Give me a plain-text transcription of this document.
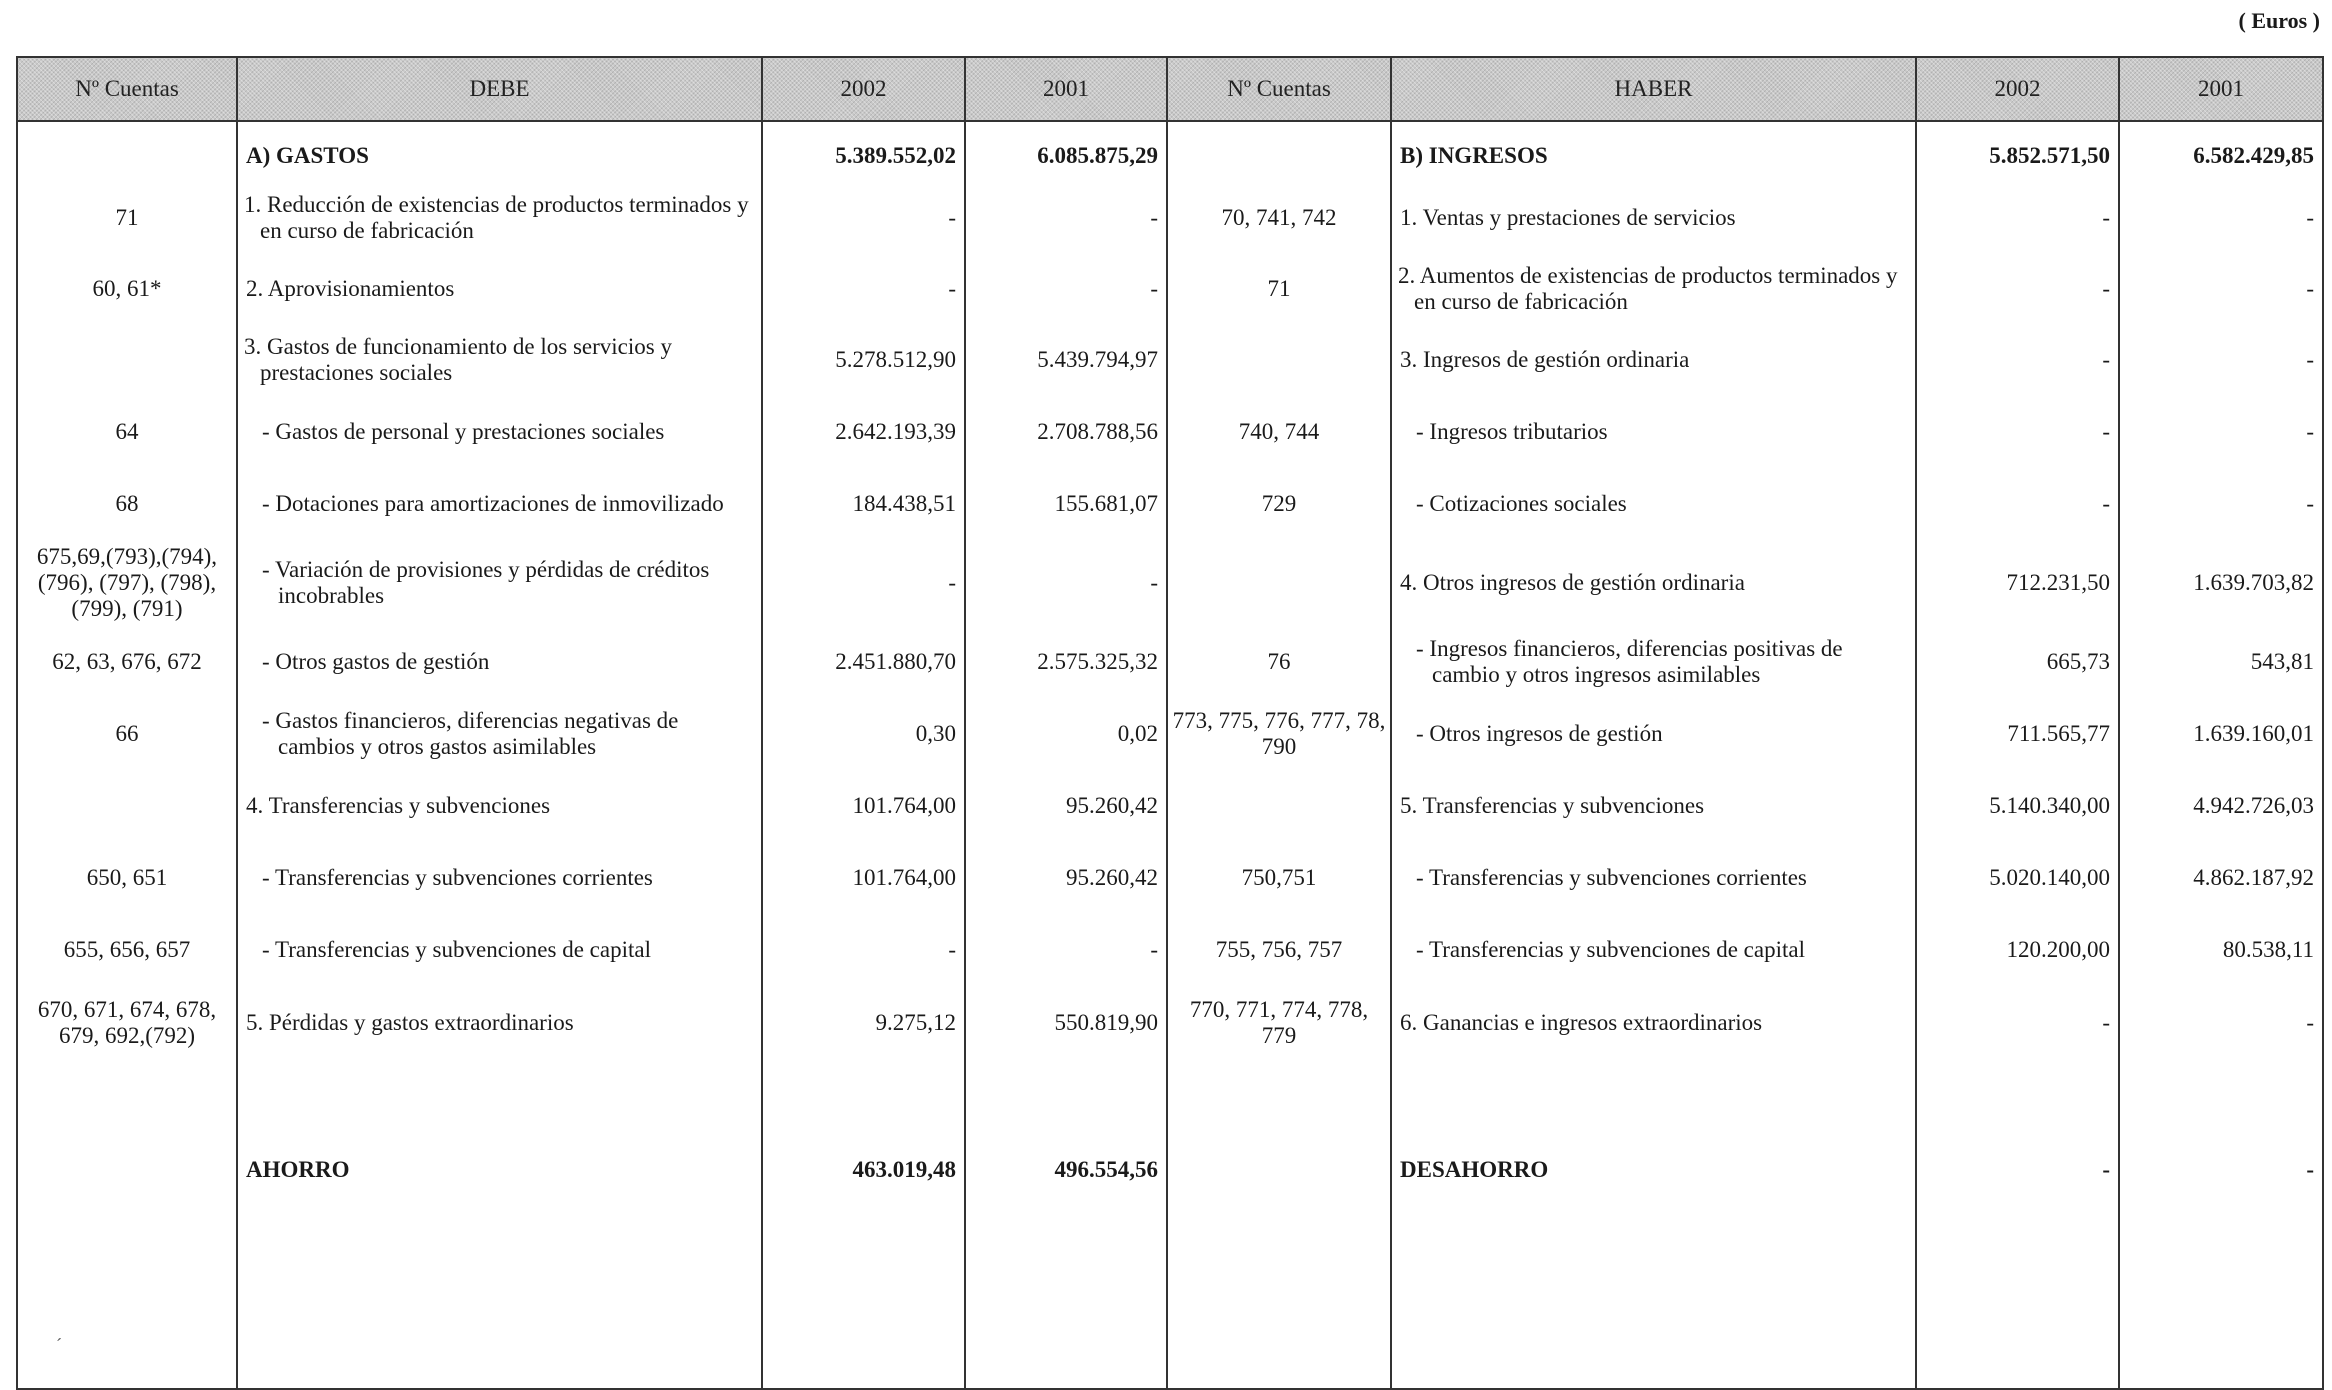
( Euros )
Nº Cuentas	DEBE	2002	2001	Nº Cuentas	HABER	2002	2001

	A) GASTOS	5.389.552,02	6.085.875,29		B) INGRESOS	5.852.571,50	6.582.429,85
71	1. Reducción de existencias de productos terminados y en curso de fabricación	-	-	70, 741, 742	1. Ventas y prestaciones de servicios	-	-
60, 61*	2. Aprovisionamientos	-	-	71	2. Aumentos de existencias de productos terminados y en curso de fabricación	-	-
	3. Gastos de funcionamiento de los servicios y prestaciones sociales	5.278.512,90	5.439.794,97		3. Ingresos de gestión ordinaria	-	-
64	- Gastos de personal y prestaciones sociales	2.642.193,39	2.708.788,56	740, 744	- Ingresos tributarios	-	-
68	- Dotaciones para amortizaciones de inmovilizado	184.438,51	155.681,07	729	- Cotizaciones sociales	-	-
675,69,(793),(794), (796), (797), (798), (799), (791)	- Variación de provisiones y pérdidas de créditos incobrables	-	-		4. Otros ingresos de gestión ordinaria	712.231,50	1.639.703,82
62, 63, 676, 672	- Otros gastos de gestión	2.451.880,70	2.575.325,32	76	- Ingresos financieros, diferencias positivas de cambio y otros ingresos asimilables	665,73	543,81
66	- Gastos financieros, diferencias negativas de cambios y otros gastos asimilables	0,30	0,02	773, 775, 776, 777, 78, 790	- Otros ingresos de gestión	711.565,77	1.639.160,01
	4. Transferencias y subvenciones	101.764,00	95.260,42		5. Transferencias y subvenciones	5.140.340,00	4.942.726,03
650, 651	- Transferencias y subvenciones corrientes	101.764,00	95.260,42	750,751	- Transferencias y subvenciones corrientes	5.020.140,00	4.862.187,92
655, 656, 657	- Transferencias y subvenciones de capital	-	-	755, 756, 757	- Transferencias y subvenciones de capital	120.200,00	80.538,11
670, 671, 674, 678, 679, 692,(792)	5. Pérdidas y gastos extraordinarios	9.275,12	550.819,90	770, 771, 774, 778, 779	6. Ganancias e ingresos extraordinarios	-	-
	AHORRO	463.019,48	496.554,56		DESAHORRO	-	-

´							
